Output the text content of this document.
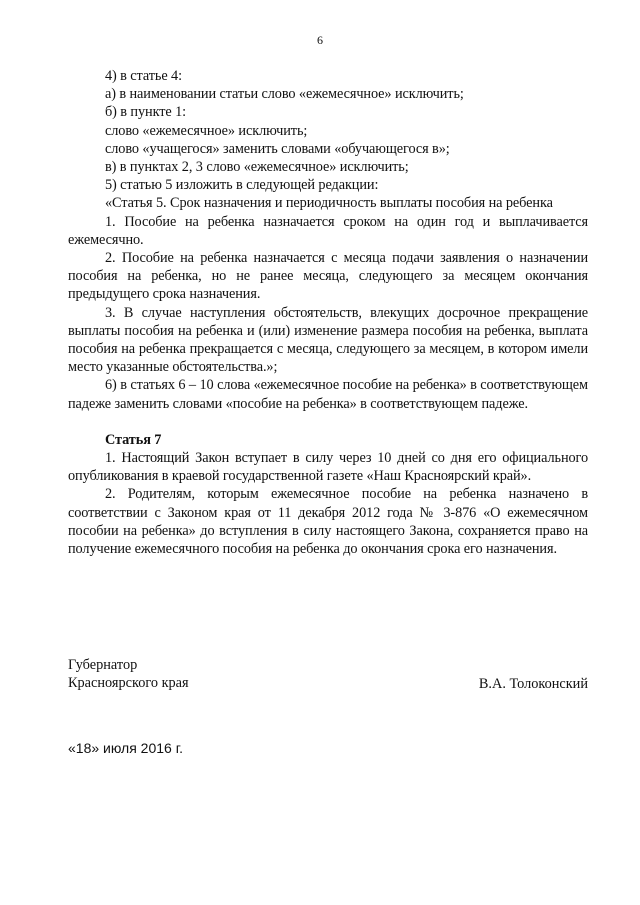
6

4) в статье 4:

а) в наименовании статьи слово «ежемесячное» исключить;

б) в пункте 1:

слово «ежемесячное» исключить;

слово «учащегося» заменить словами «обучающегося в»;

в) в пунктах 2, 3 слово «ежемесячное» исключить;

5) статью 5 изложить в следующей редакции:

«Статья 5. Срок назначения и периодичность выплаты пособия на ребенка

1. Пособие на ребенка назначается сроком на один год и выплачивается ежемесячно.

2. Пособие на ребенка назначается с месяца подачи заявления о назначении пособия на ребенка, но не ранее месяца, следующего за месяцем окончания предыдущего срока назначения.

3. В случае наступления обстоятельств, влекущих досрочное прекращение выплаты пособия на ребенка и (или) изменение размера пособия на ребенка, выплата пособия на ребенка прекращается с месяца, следующего за месяцем, в котором имели место указанные обстоятельства.»;

6) в статьях 6 – 10 слова «ежемесячное пособие на ребенка» в соответствующем падеже заменить словами «пособие на ребенка» в соответствующем падеже.

Статья 7

1. Настоящий Закон вступает в силу через 10 дней со дня его официального опубликования в краевой государственной газете «Наш Красноярский край».

2. Родителям, которым ежемесячное пособие на ребенка назначено в соответствии с Законом края от 11 декабря 2012 года № 3-876 «О ежемесячном пособии на ребенка» до вступления в силу настоящего Закона, сохраняется право на получение ежемесячного пособия на ребенка до окончания срока его назначения.

Губернатор
Красноярского края	В.А. Толоконский
«18» июля 2016 г.
